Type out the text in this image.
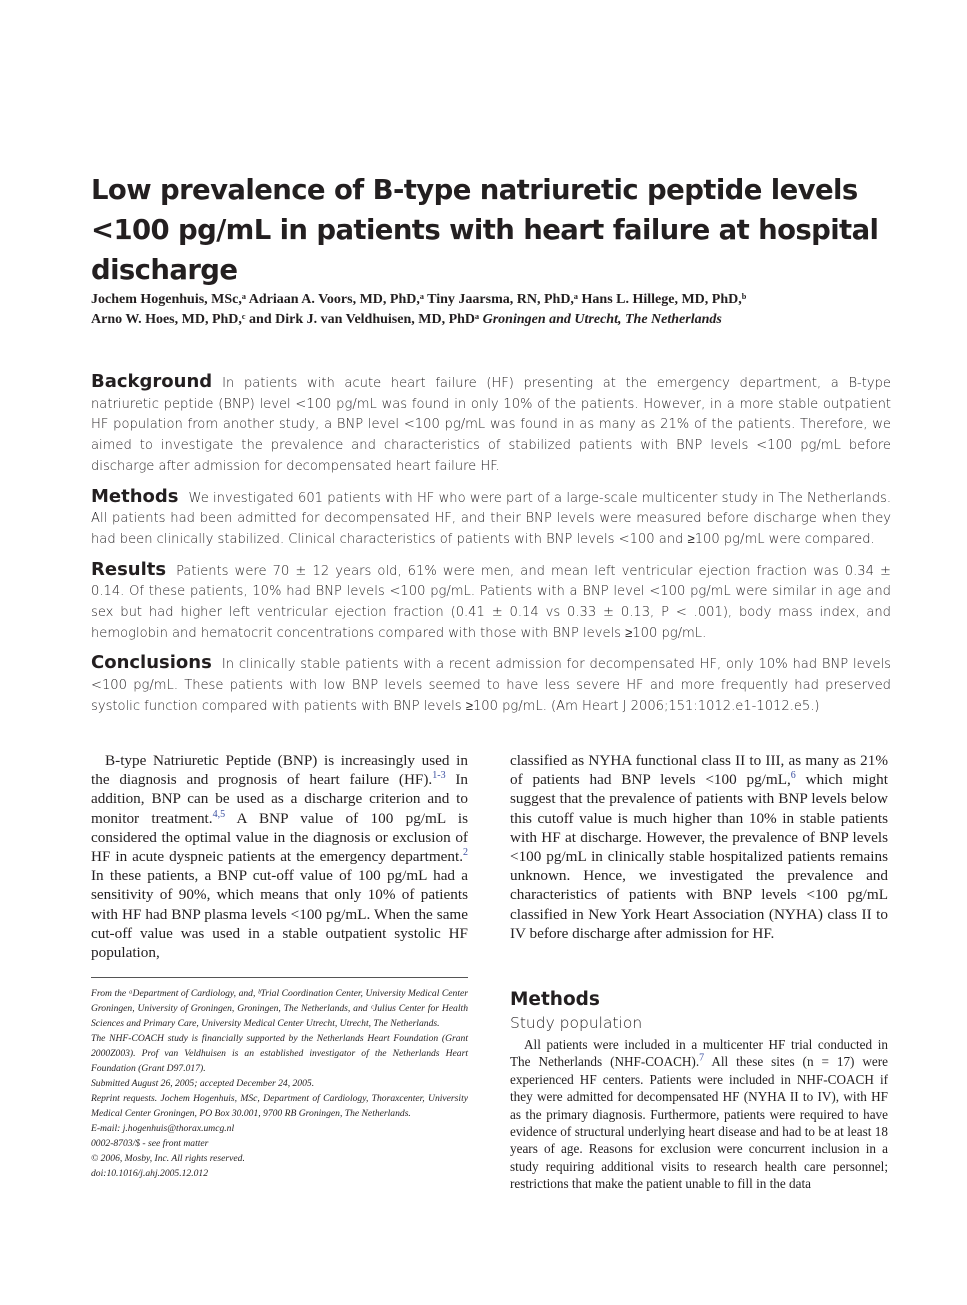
Low prevalence of B-type natriuretic peptide levels <100 pg/mL in patients with heart failure at hospital discharge
Jochem Hogenhuis, MSc,ᵃ Adriaan A. Voors, MD, PhD,ᵃ Tiny Jaarsma, RN, PhD,ᵃ Hans L. Hillege, MD, PhD,ᵇ
Arno W. Hoes, MD, PhD,ᶜ and Dirk J. van Veldhuisen, MD, PhDᵃ Groningen and Utrecht, The Netherlands

Background In patients with acute heart failure (HF) presenting at the emergency department, a B-type natriuretic peptide (BNP) level <100 pg/mL was found in only 10% of the patients. However, in a more stable outpatient HF population from another study, a BNP level <100 pg/mL was found in as many as 21% of the patients. Therefore, we aimed to investigate the prevalence and characteristics of stabilized patients with BNP levels <100 pg/mL before discharge after admission for decompensated heart failure HF.

Methods We investigated 601 patients with HF who were part of a large-scale multicenter study in The Netherlands. All patients had been admitted for decompensated HF, and their BNP levels were measured before discharge when they had been clinically stabilized. Clinical characteristics of patients with BNP levels <100 and ≥100 pg/mL were compared.

Results Patients were 70 ± 12 years old, 61% were men, and mean left ventricular ejection fraction was 0.34 ± 0.14. Of these patients, 10% had BNP levels <100 pg/mL. Patients with a BNP level <100 pg/mL were similar in age and sex but had higher left ventricular ejection fraction (0.41 ± 0.14 vs 0.33 ± 0.13, P < .001), body mass index, and hemoglobin and hematocrit concentrations compared with those with BNP levels ≥100 pg/mL.

Conclusions In clinically stable patients with a recent admission for decompensated HF, only 10% had BNP levels <100 pg/mL. These patients with low BNP levels seemed to have less severe HF and more frequently had preserved systolic function compared with patients with BNP levels ≥100 pg/mL. (Am Heart J 2006;151:1012.e1-1012.e5.)

B-type Natriuretic Peptide (BNP) is increasingly used in the diagnosis and prognosis of heart failure (HF).$^{1-3}$ In addition, BNP can be used as a discharge criterion and to monitor treatment.$^{4,5}$ A BNP value of 100 pg/mL is considered the optimal value in the diagnosis or exclusion of HF in acute dyspneic patients at the emergency department.$^2$ In these patients, a BNP cut-off value of 100 pg/mL had a sensitivity of 90%, which means that only 10% of patients with HF had BNP plasma levels <100 pg/mL. When the same cut-off value was used in a stable outpatient systolic HF population,

From the ᵃDepartment of Cardiology, and, ᵇTrial Coordination Center, University Medical Center Groningen, University of Groningen, Groningen, The Netherlands, and ᶜJulius Center for Health Sciences and Primary Care, University Medical Center Utrecht, Utrecht, The Netherlands.
The NHF-COACH study is financially supported by the Netherlands Heart Foundation (Grant 2000Z003). Prof van Veldhuisen is an established investigator of the Netherlands Heart Foundation (Grant D97.017).
Submitted August 26, 2005; accepted December 24, 2005.
Reprint requests. Jochem Hogenhuis, MSc, Department of Cardiology, Thoraxcenter, University Medical Center Groningen, PO Box 30.001, 9700 RB Groningen, The Netherlands.
E-mail: j.hogenhuis@thorax.umcg.nl
0002-8703/$ - see front matter
© 2006, Mosby, Inc. All rights reserved.
doi:10.1016/j.ahj.2005.12.012

classified as NYHA functional class II to III, as many as 21% of patients had BNP levels <100 pg/mL,$^6$ which might suggest that the prevalence of patients with BNP levels below this cutoff value is much higher than 10% in stable patients with HF at discharge. However, the prevalence of BNP levels <100 pg/mL in clinically stable hospitalized patients remains unknown. Hence, we investigated the prevalence and characteristics of patients with BNP levels <100 pg/mL classified in New York Heart Association (NYHA) class II to IV before discharge after admission for HF.

Methods
Study population

All patients were included in a multicenter HF trial conducted in The Netherlands (NHF-COACH).$^7$ All these sites (n = 17) were experienced HF centers. Patients were included in NHF-COACH if they were admitted for decompensated HF (NYHA II to IV), with HF as the primary diagnosis. Furthermore, patients were required to have evidence of structural underlying heart disease and had to be at least 18 years of age. Reasons for exclusion were concurrent inclusion in a study requiring additional visits to research health care personnel; restrictions that make the patient unable to fill in the data
